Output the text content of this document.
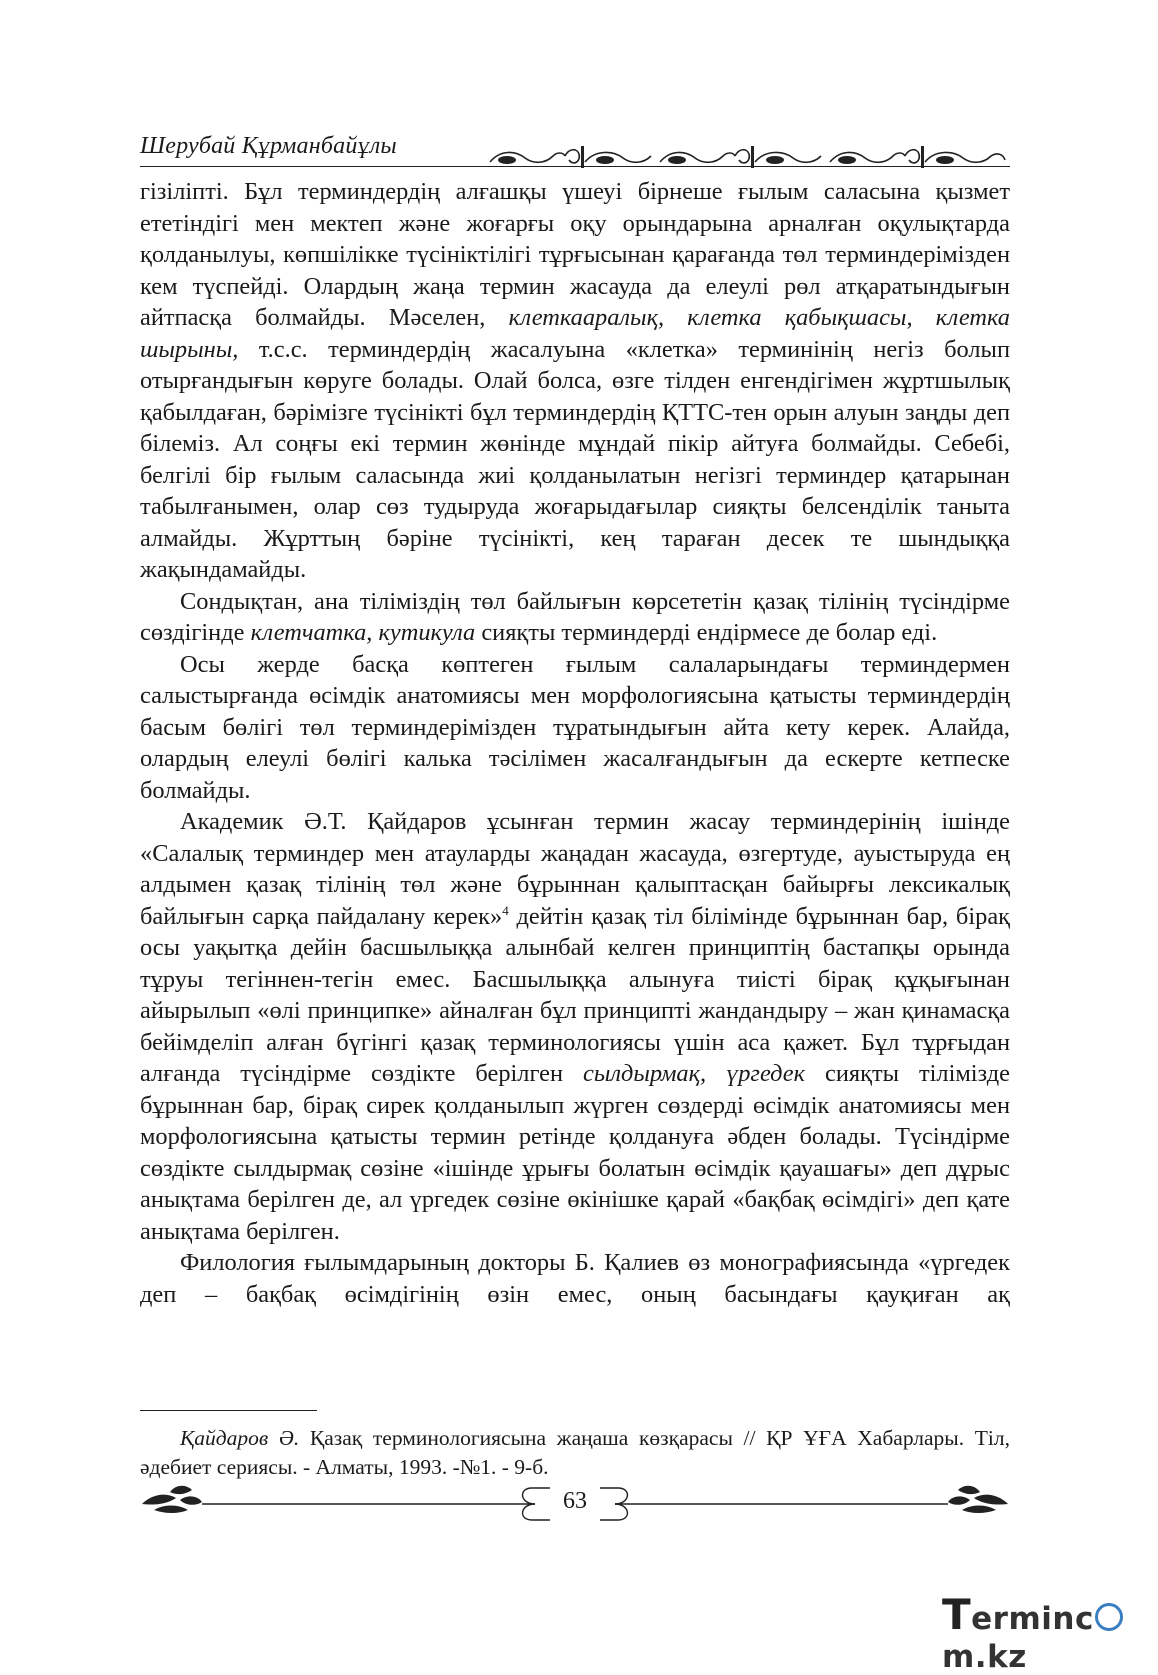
Шерубай Құрманбайұлы

гізіліпті. Бұл терминдердің алғашқы үшеуі бірнеше ғылым саласына қызмет ететіндігі мен мектеп және жоғарғы оқу орындарына арналған оқулықтарда қолданылуы, көпшілікке түсініктілігі тұрғысынан қарағанда төл терминдерімізден кем түспейді. Олардың жаңа термин жасауда да елеулі рөл атқаратындығын айтпасқа болмайды. Мәселен, клеткааралық, клетка қабықшасы, клетка шырыны, т.с.с. терминдердің жасалуына «клетка» терминінің негіз болып отырғандығын көруге болады. Олай болса, өзге тілден енгендігімен жұртшылық қабылдаған, бәрімізге түсінікті бұл терминдердің ҚТТС-тен орын алуын заңды деп білеміз. Ал соңғы екі термин жөнінде мұндай пікір айтуға болмайды. Себебі, белгілі бір ғылым саласында жиі қолданылатын негізгі терминдер қатарынан табылғанымен, олар сөз тудыруда жоғарыдағылар сияқты белсенділік таныта алмайды. Жұрттың бәріне түсінікті, кең тараған десек те шындыққа жақындамайды.

Сондықтан, ана тіліміздің төл байлығын көрсететін қазақ тілінің түсіндірме сөздігінде клетчатка, кутикула сияқты терминдерді ендірмесе де болар еді.

Осы жерде басқа көптеген ғылым салаларындағы терминдермен салыстырғанда өсімдік анатомиясы мен морфологиясына қатысты терминдердің басым бөлігі төл терминдерімізден тұратындығын айта кету керек. Алайда, олардың елеулі бөлігі калька тәсілімен жасалғандығын да ескерте кетпеске болмайды.

Академик Ә.Т. Қайдаров ұсынған термин жасау терминдерінің ішінде «Салалық терминдер мен атауларды жаңадан жасауда, өзгертуде, ауыстыруда ең алдымен қазақ тілінің төл және бұрыннан қалыптасқан байырғы лексикалық байлығын сарқа пайдалану керек»$^4$ дейтін қазақ тіл білімінде бұрыннан бар, бірақ осы уақытқа дейін басшылыққа алынбай келген принциптің бастапқы орында тұруы тегіннен-тегін емес. Басшылыққа алынуға тиісті бірақ құқығынан айырылып «өлі принципке» айналған бұл принципті жандандыру – жан қинамасқа бейімделіп алған бүгінгі қазақ терминологиясы үшін аса қажет. Бұл тұрғыдан алғанда түсіндірме сөздікте берілген сылдырмақ, үргедек сияқты тілімізде бұрыннан бар, бірақ сирек қолданылып жүрген сөздерді өсімдік анатомиясы мен морфологиясына қатысты термин ретінде қолдануға әбден болады. Түсіндірме сөздікте сылдырмақ сөзіне «ішінде ұрығы болатын өсімдік қауашағы» деп дұрыс анықтама берілген де, ал үргедек сөзіне өкінішке қарай «бақбақ өсімдігі» деп қате анықтама берілген.

Филология ғылымдарының докторы Б. Қалиев өз монографиясында «үргедек деп – бақбақ өсімдігінің өзін емес, оның басындағы қауқиған ақ

Қайдаров Ә. Қазақ терминологиясына жаңаша көзқарасы // ҚР ҰҒА Хабарлары. Тіл, әдебиет сериясы. - Алматы, 1993. -№1. - 9-б.

63
Termincm.kz
